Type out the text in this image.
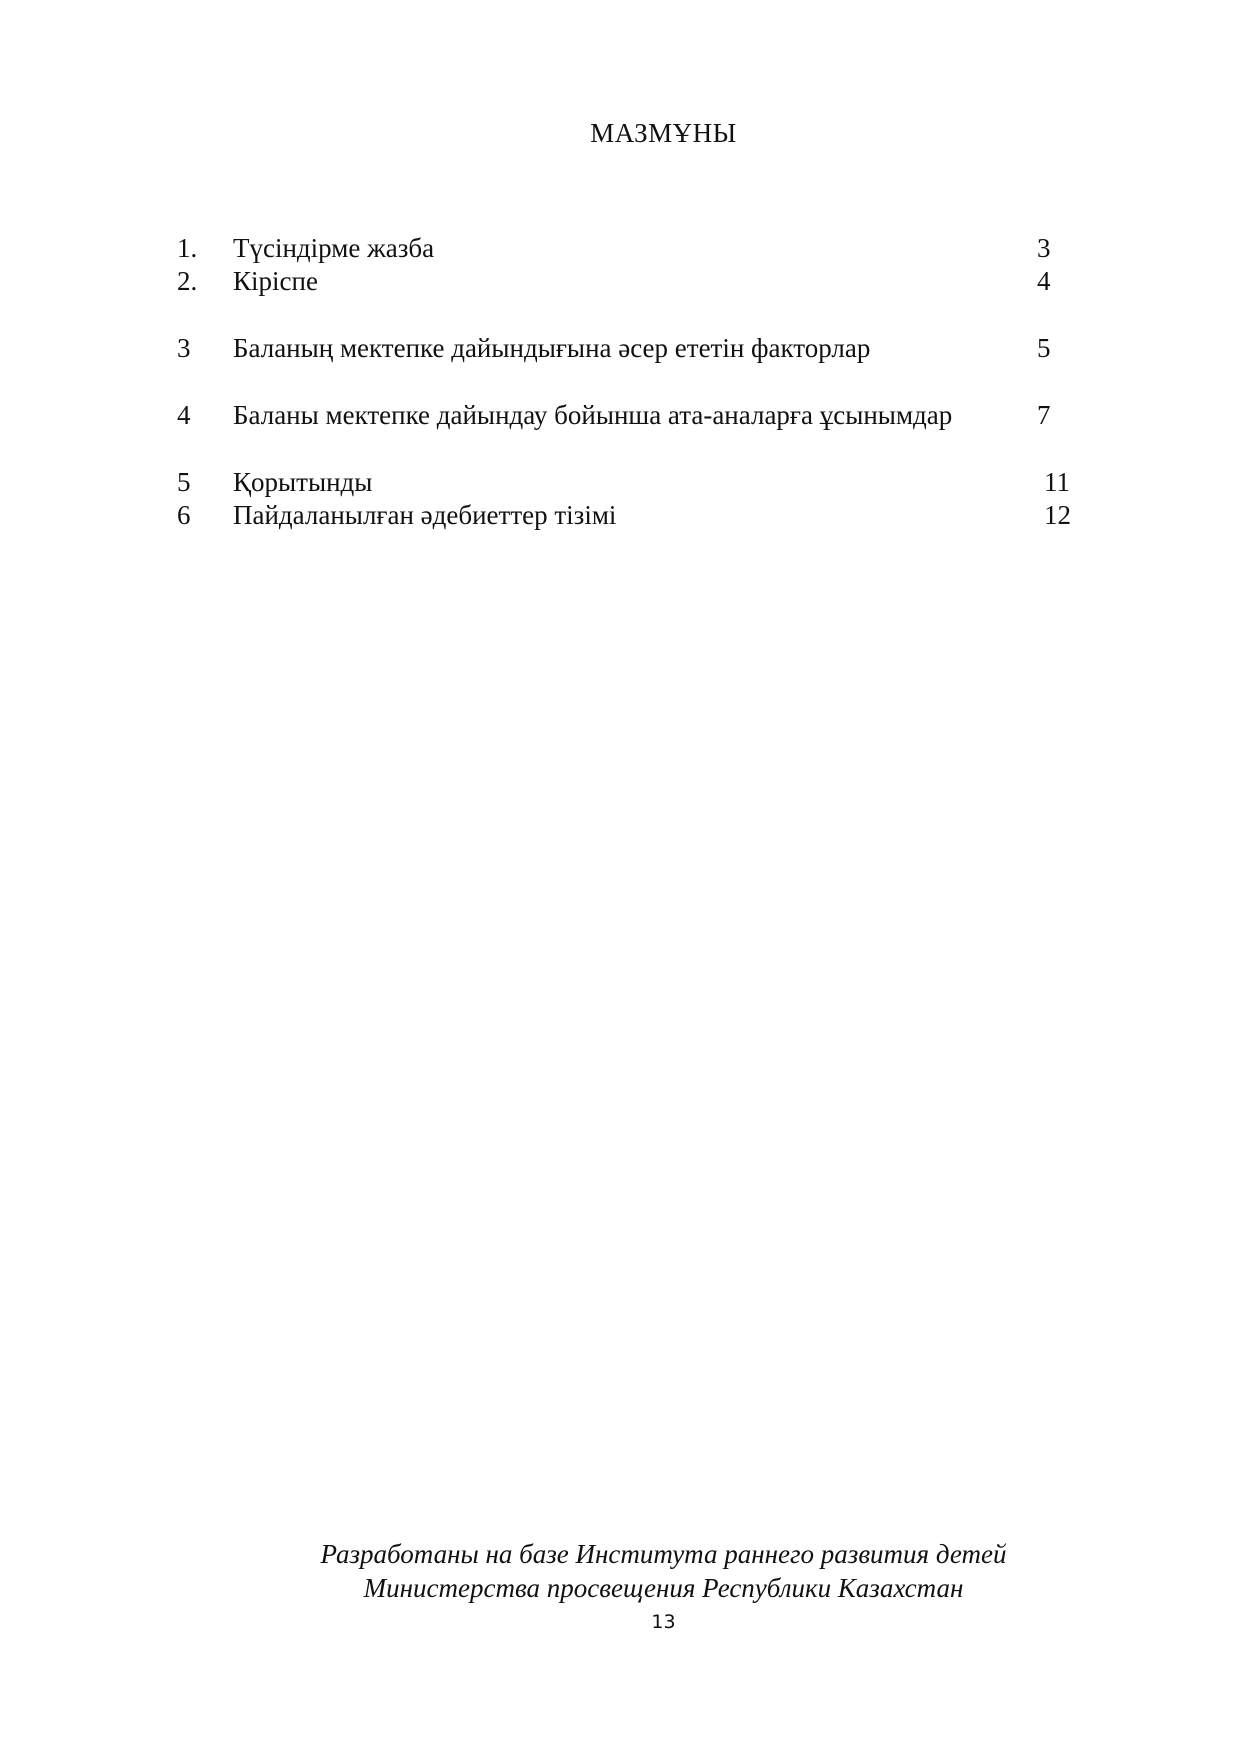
МАЗМҰНЫ
1. Түсіндірме жазба	3
2. Кіріспе	4
3 Баланың мектепке дайындығына әсер ететін факторлар	5
4 Баланы мектепке дайындау бойынша ата-аналарға ұсынымдар	7
5 Қорытынды	11
6 Пайдаланылған әдебиеттер тізімі	12
Разработаны на базе Института раннего развития детей
Министерства просвещения Республики Казахстан
13
